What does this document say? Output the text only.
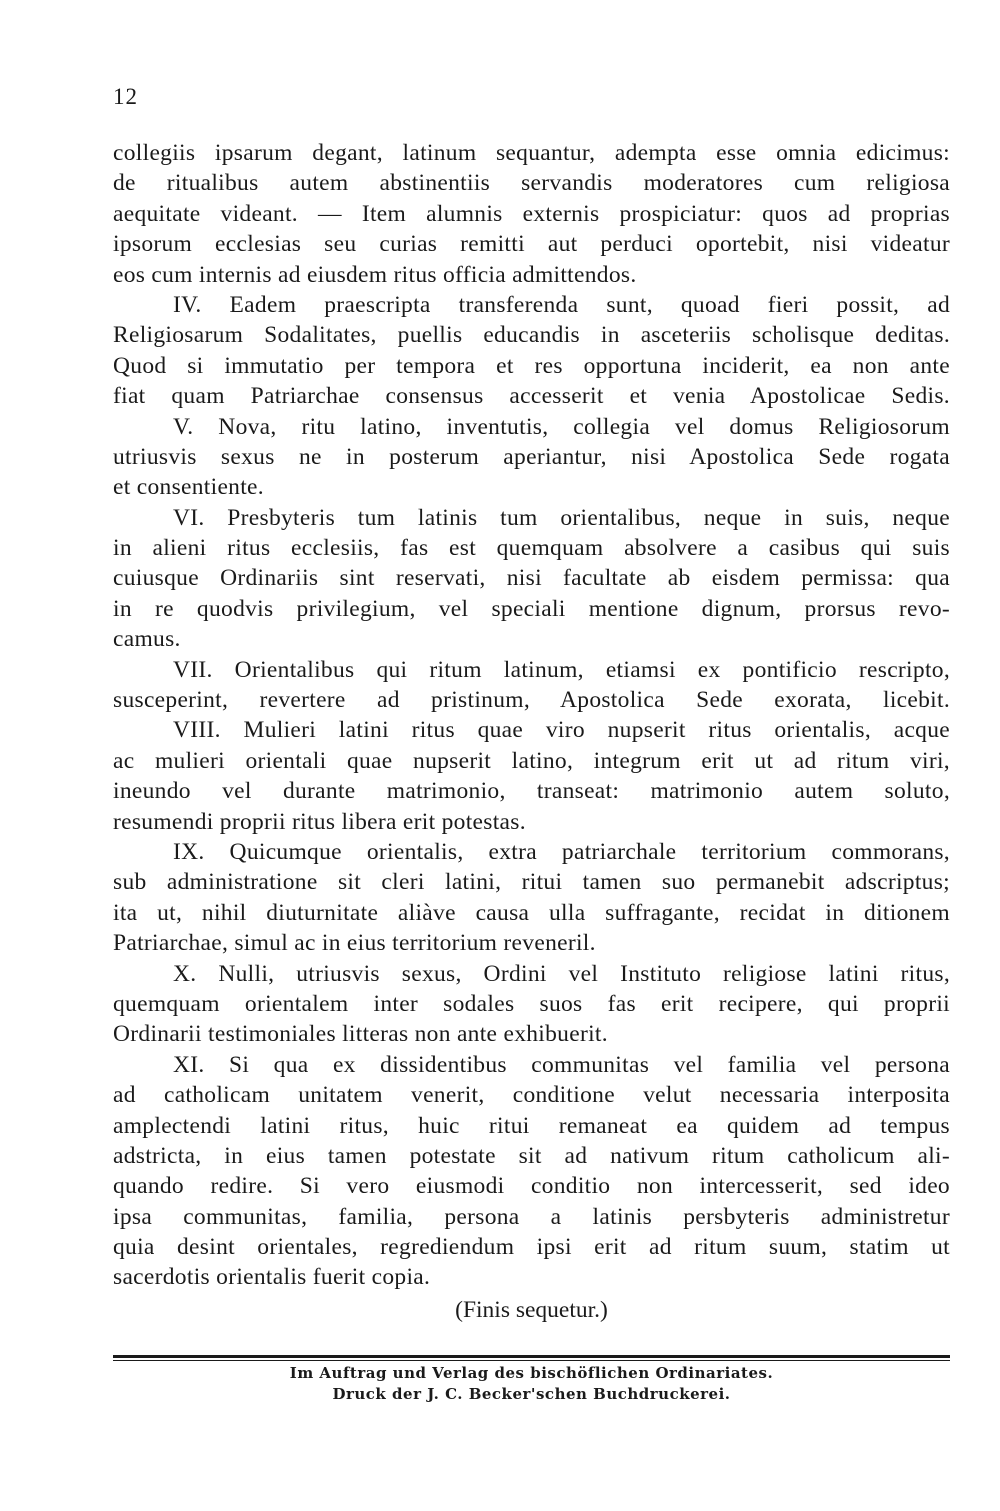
12
collegiis ipsarum degant, latinum sequantur, adempta esse omnia edicimus:
de ritualibus autem abstinentiis servandis moderatores cum religiosa
aequitate videant. — Item alumnis externis prospiciatur: quos ad proprias
ipsorum ecclesias seu curias remitti aut perduci oportebit, nisi videatur
eos cum internis ad eiusdem ritus officia admittendos.
IV. Eadem praescripta transferenda sunt, quoad fieri possit, ad
Religiosarum Sodalitates, puellis educandis in asceteriis scholisque deditas.
Quod si immutatio per tempora et res opportuna inciderit, ea non ante
fiat quam Patriarchae consensus accesserit et venia Apostolicae Sedis.
V. Nova, ritu latino, inventutis, collegia vel domus Religiosorum
utriusvis sexus ne in posterum aperiantur, nisi Apostolica Sede rogata
et consentiente.
VI. Presbyteris tum latinis tum orientalibus, neque in suis, neque
in alieni ritus ecclesiis, fas est quemquam absolvere a casibus qui suis
cuiusque Ordinariis sint reservati, nisi facultate ab eisdem permissa: qua
in re quodvis privilegium, vel speciali mentione dignum, prorsus revo-
camus.
VII. Orientalibus qui ritum latinum, etiamsi ex pontificio rescripto,
susceperint, revertere ad pristinum, Apostolica Sede exorata, licebit.
VIII. Mulieri latini ritus quae viro nupserit ritus orientalis, acque
ac mulieri orientali quae nupserit latino, integrum erit ut ad ritum viri,
ineundo vel durante matrimonio, transeat: matrimonio autem soluto,
resumendi proprii ritus libera erit potestas.
IX. Quicumque orientalis, extra patriarchale territorium commorans,
sub administratione sit cleri latini, ritui tamen suo permanebit adscriptus;
ita ut, nihil diuturnitate aliàve causa ulla suffragante, recidat in ditionem
Patriarchae, simul ac in eius territorium reveneril.
X. Nulli, utriusvis sexus, Ordini vel Instituto religiose latini ritus,
quemquam orientalem inter sodales suos fas erit recipere, qui proprii
Ordinarii testimoniales litteras non ante exhibuerit.
XI. Si qua ex dissidentibus communitas vel familia vel persona
ad catholicam unitatem venerit, conditione velut necessaria interposita
amplectendi latini ritus, huic ritui remaneat ea quidem ad tempus
adstricta, in eius tamen potestate sit ad nativum ritum catholicum ali-
quando redire. Si vero eiusmodi conditio non intercesserit, sed ideo
ipsa communitas, familia, persona a latinis persbyteris administretur
quia desint orientales, regrediendum ipsi erit ad ritum suum, statim ut
sacerdotis orientalis fuerit copia.
(Finis sequetur.)
Im Auftrag und Verlag des bischöflichen Ordinariates.
Druck der J. C. Becker'schen Buchdruckerei.
